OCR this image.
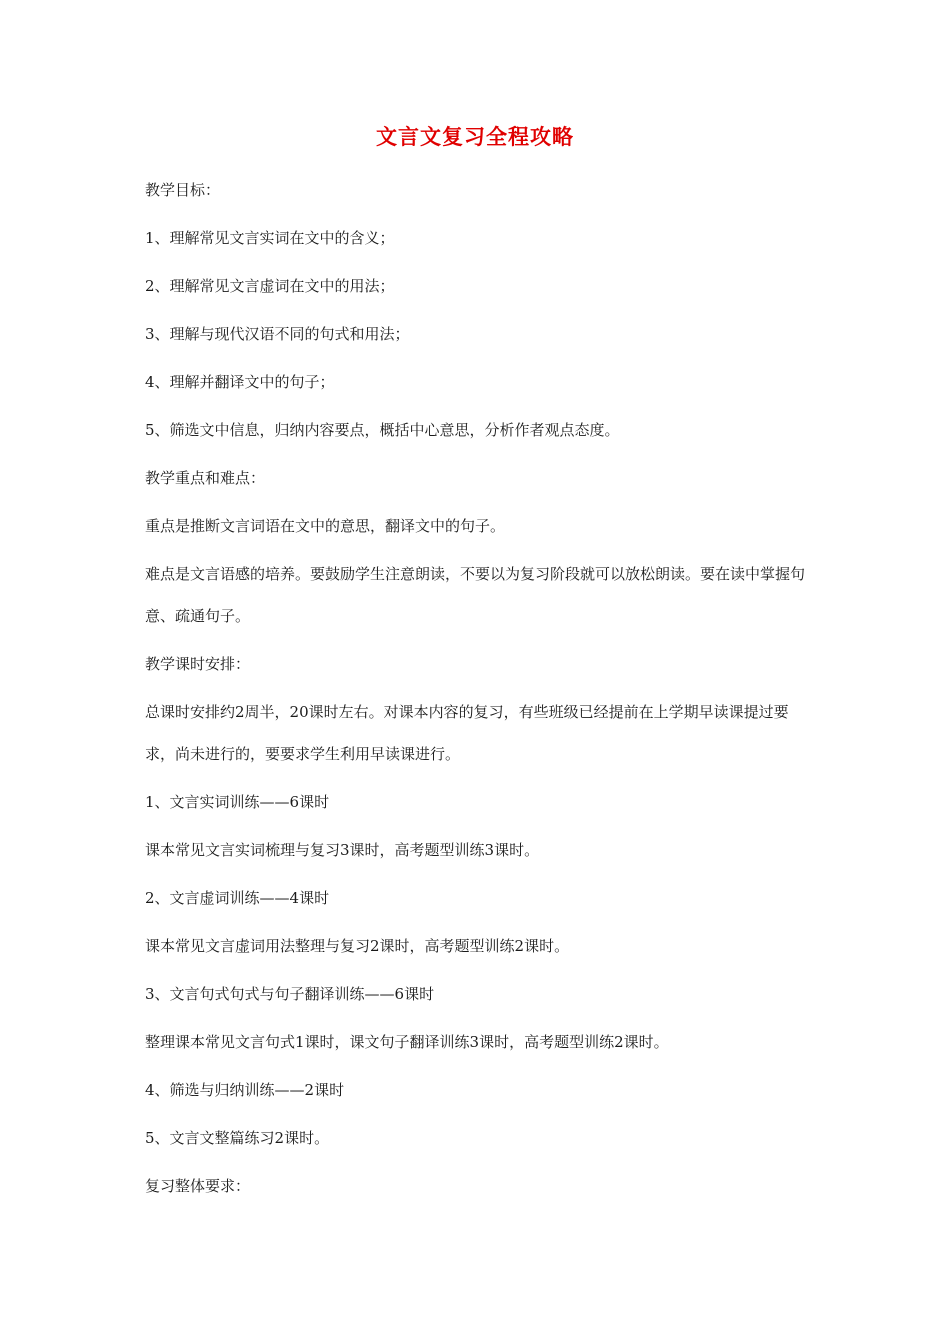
文言文复习全程攻略

教学目标：

1、理解常见文言实词在文中的含义；

2、理解常见文言虚词在文中的用法；

3、理解与现代汉语不同的句式和用法；

4、理解并翻译文中的句子；

5、筛选文中信息，归纳内容要点，概括中心意思，分析作者观点态度。

教学重点和难点：

重点是推断文言词语在文中的意思，翻译文中的句子。

难点是文言语感的培养。要鼓励学生注意朗读，不要以为复习阶段就可以放松朗读。要在读中掌握句意、疏通句子。

教学课时安排：

总课时安排约2周半，20课时左右。对课本内容的复习，有些班级已经提前在上学期早读课提过要求，尚未进行的，要要求学生利用早读课进行。

1、文言实词训练——6课时

课本常见文言实词梳理与复习3课时，高考题型训练3课时。

2、文言虚词训练——4课时

课本常见文言虚词用法整理与复习2课时，高考题型训练2课时。

3、文言句式句式与句子翻译训练——6课时

整理课本常见文言句式1课时，课文句子翻译训练3课时，高考题型训练2课时。

4、筛选与归纳训练——2课时

5、文言文整篇练习2课时。

复习整体要求：
